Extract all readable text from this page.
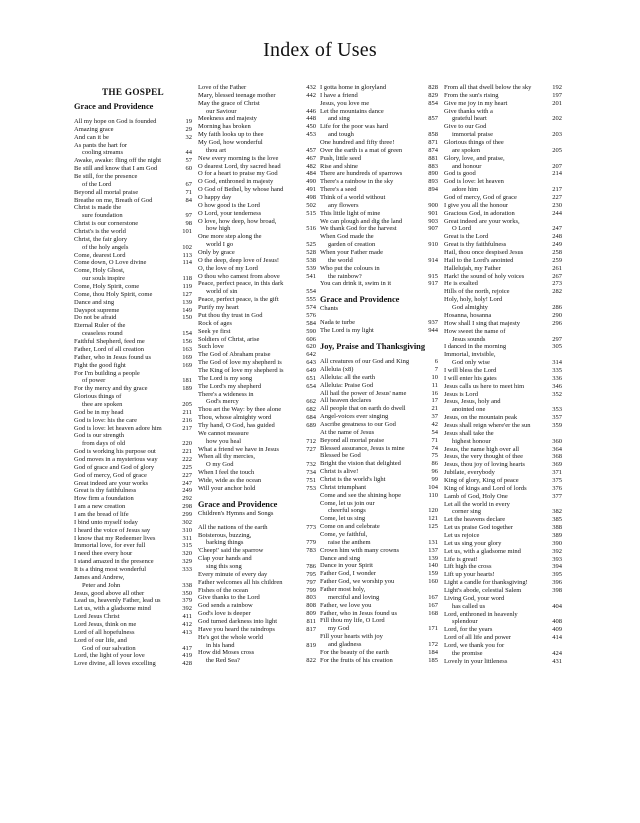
Index of Uses
THE GOSPEL
Grace and Providence
All my hope on God is founded	19
Amazing grace	29
And can it be	32
As pants the hart for
cooling streams	44
Awake, awake: fling off the night	57
Be still and know that I am God	60
Be still, for the presence
of the Lord	67
Beyond all mortal praise	71
Breathe on me, Breath of God	84
Christ is made the
sure foundation	97
Christ is our cornerstone	98
Christ's is the world	101
Christ, the fair glory
of the holy angels	102
Come, dearest Lord	113
Come down, O Love divine	114
Come, Holy Ghost,
our souls inspire	118
Come, Holy Spirit, come	119
Come, thou Holy Spirit, come	127
Dance and sing	139
Dayspot supreme	149
Do not be afraid	150
Eternal Ruler of the
ceaseless round	154
Faithful Shepherd, feed me	156
Father, Lord of all creation	163
Father, who in Jesus found us	169
Fight the good fight	169
For I'm building a people
of power	181
For thy mercy and thy grace	189
Glorious things of
thee are spoken	205
God be in my head	211
God is love: his the care	216
God is love: let heaven adore him	217
God is our strength
from days of old	220
God is working his purpose out	221
God moves in a mysterious way	222
God of grace and God of glory	225
God of mercy, God of grace	227
Great indeed are your works	247
Great is thy faithfulness	249
How firm a foundation	292
I am a new creation	298
I am the bread of life	299
I bind unto myself today	302
I heard the voice of Jesus say	310
I know that my Redeemer lives	311
Immortal love, for ever full	315
I need thee every hour	320
I stand amazed in the presence	329
It is a thing most wonderful	333
James and Andrew,
Peter and John	338
Jesus, good above all other	350
Lead us, heavenly Father, lead us	379
Let us, with a gladsome mind	392
Lord Jesus Christ	411
Lord Jesus, think on me	412
Lord of all hopefulness	413
Lord of our life, and
God of our salvation	417
Lord, the light of your love	419
Love divine, all loves excelling	428
Love of the Father	432
Mary, blessed teenage mother	442
May the grace of Christ
our Saviour	446
Meekness and majesty	448
Morning has broken	450
My faith looks up to thee	453
My God, how wonderful
thou art	457
New every morning is the love	467
O dearest Lord, thy sacred head	482
O for a heart to praise my God	484
O God, enthroned in majesty	490
O God of Bethel, by whose hand	491
O happy day	498
O how good is the Lord	502
O Lord, your tenderness	515
O love, how deep, how broad,
how high	516
One more step along the
world I go	525
Only by grace	528
O the deep, deep love of Jesus!	538
O, the love of my Lord	539
O thou who camest from above	541
Peace, perfect peace, in this dark
world of sin	554
Peace, perfect peace, is the gift	555
Purify my heart	574
Put thou thy trust in God	576
Rock of ages	584
Seek ye first	590
Soldiers of Christ, arise	606
Such love	620
The God of Abraham praise	642
The God of love my shepherd is	643
The King of love my shepherd is	649
The Lord is my song	651
The Lord's my shepherd	654
There's a wideness in
God's mercy	662
Thou art the Way: by thee alone	682
Thou, whose almighty word	684
Thy hand, O God, has guided	689
We cannot measure
how you heal	712
What a friend we have in Jesus	727
When all thy mercies,
O my God	732
When I feel the touch	734
Wide, wide as the ocean	751
Will your anchor hold	753
Grace and Providence
Children's Hymns and Songs
All the nations of the earth	773
Boisterous, buzzing,
barking things	779
'Cheep!' said the sparrow	783
Clap your hands and
sing this song	786
Every minute of every day	795
Father welcomes all his children	797
Fishes of the ocean	799
Give thanks to the Lord	803
God sends a rainbow	808
God's love is deeper	809
God turned darkness into light	811
Have you heard the raindrops	817
He's got the whole world
in his hand	819
How did Moses cross
the Red Sea?	822
I gotta home in gloryland	828
I have a friend	829
Jesus, you love me	854
Let the mountains dance
and sing	857
Life for the poor was hard
and tough	858
One hundred and fifty three!	871
Over the earth is a mat of green	874
Push, little seed	881
Rise and shine	883
There are hundreds of sparrows	890
There's a rainbow in the sky	893
There's a seed	894
Think of a world without
any flowers	900
This little light of mine	901
We can plough and dig the land	903
We thank God for the harvest	907
When God made the
garden of creation	910
When your Father made
the world	914
Who put the colours in
the rainbow?	915
You can drink it, swim in it	917
Grace and Providence
Chants
Nada te turbe	937
The Lord is my light	944
Joy, Praise and Thanksgiving
All creatures of our God and King	6
Alleluia (x8)	7
Alleluia: all the earth	10
Alleluia: Praise God	11
All hail the power of Jesus' name	16
All heaven declares	17
All people that on earth do dwell	21
Angel-voices ever singing	37
Ascribe greatness to our God	42
At the name of Jesus	54
Beyond all mortal praise	71
Blessed assurance, Jesus is mine	74
Blessed be God	75
Bright the vision that delighted	86
Christ is alive!	96
Christ is the world's light	99
Christ triumphant	104
Come and see the shining hope	110
Come, let us join our
cheerful songs	120
Come, let us sing	121
Come on and celebrate	125
Come, ye faithful,
raise the anthem	131
Crown him with many crowns	137
Dance and sing	139
Dance in your Spirit	140
Father God, I wonder	159
Father God, we worship you	160
Father most holy,
merciful and loving	167
Father, we love you	167
Father, who in Jesus found us	168
Fill thou my life, O Lord
my God	171
Fill your hearts with joy
and gladness	172
For the beauty of the earth	184
For the fruits of his creation	185
From all that dwell below the sky	192
From the sun's rising	197
Give me joy in my heart	201
Give thanks with a
grateful heart	202
Give to our God
immortal praise	203
Glorious things of thee
are spoken	205
Glory, love, and praise,
and honour	207
God is good	214
God is love: let heaven
adore him	217
God of mercy, God of grace	227
I give you all the honour	230
Gracious God, in adoration	244
Great indeed are your works,
O Lord	247
Great is the Lord	248
Great is thy faithfulness	249
Hail, thou once despised Jesus	258
Hail to the Lord's anointed	259
Hallelujah, my Father	261
Hark! the sound of holy voices	267
He is exalted	273
Hills of the north, rejoice	282
Holy, holy, holy! Lord
God almighty	286
Hosanna, hosanna	290
How shall I sing that majesty	296
How sweet the name of
Jesus sounds	297
I danced in the morning	305
Immortal, invisible,
God only wise	314
I will bless the Lord	335
I will enter his gates	336
Jesus calls us here to meet him	346
Jesus is Lord	352
Jesus, Jesus, holy and
anointed one	353
Jesus, on the mountain peak	357
Jesus shall reign where'er the sun	359
Jesus shall take the
highest honour	360
Jesus, the name high over all	364
Jesus, the very thought of thee	368
Jesus, thou joy of loving hearts	369
Jubilate, everybody	371
King of glory, King of peace	375
King of kings and Lord of lords	376
Lamb of God, Holy One	377
Let all the world in every
corner sing	382
Let the heavens declare	385
Let us praise God together	388
Let us rejoice	389
Let us sing your glory	390
Let us, with a gladsome mind	392
Life is great!	393
Lift high the cross	394
Lift up your hearts!	395
Light a candle for thanksgiving!	396
Light's abode, celestial Salem	398
Living God, your word
has called us	404
Lord, enthroned in heavenly
splendour	408
Lord, for the years	409
Lord of all life and power	414
Lord, we thank you for
the promise	424
Lovely in your littleness	431
